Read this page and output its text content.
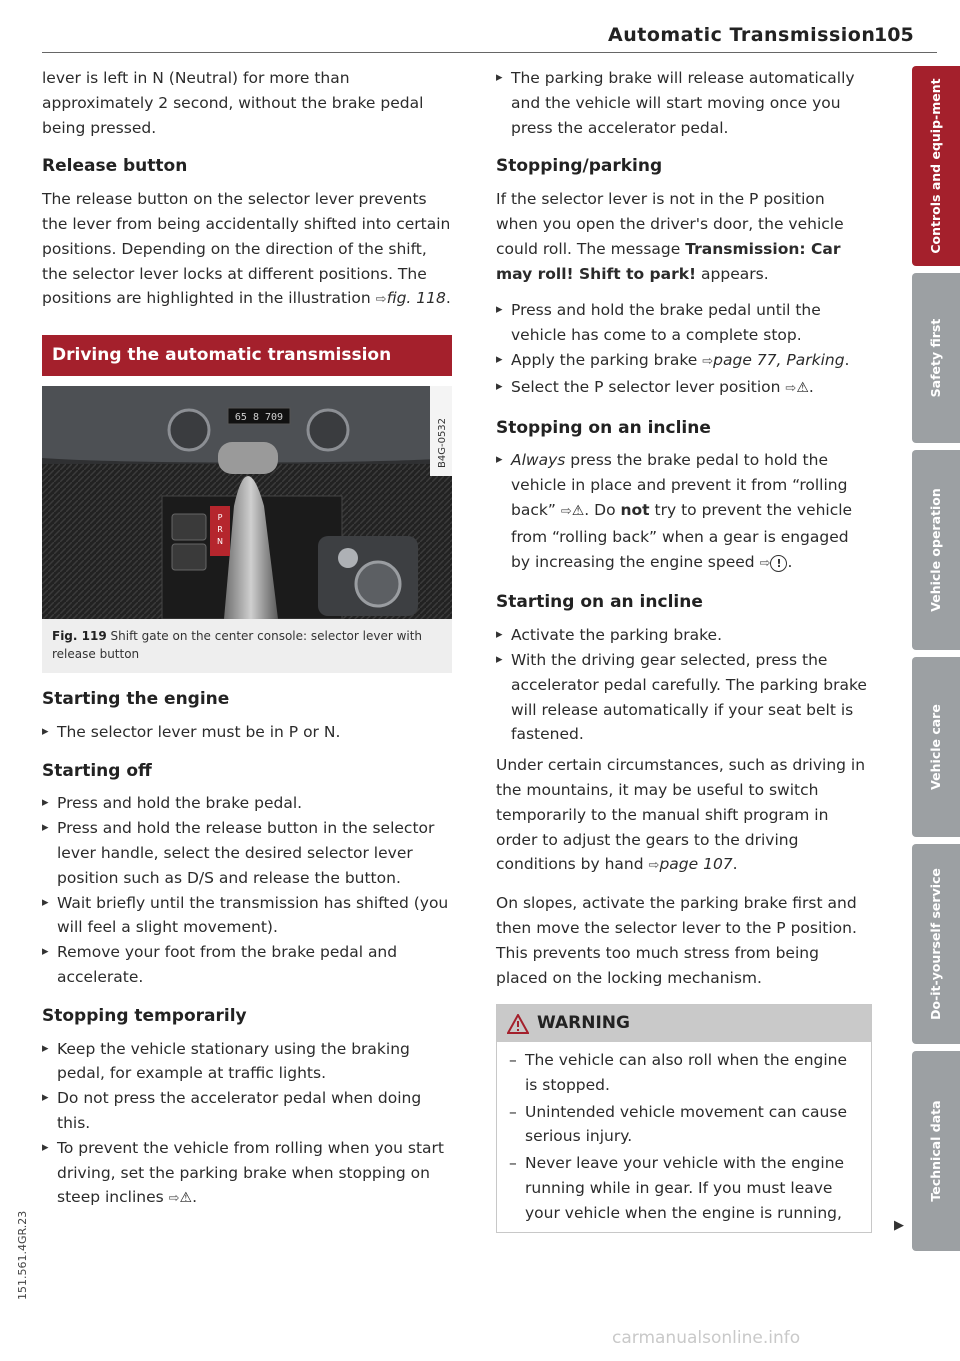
Automatic Transmission
105

lever is left in N (Neutral) for more than approximately 2 second, without the brake pedal being pressed.

Release button

The release button on the selector lever prevents the lever from being accidentally shifted into certain positions. Depending on the direction of the shift, the selector lever locks at different positions. The positions are highlighted in the illustration ⇨fig. 118.

Driving the automatic transmission
65 8 709
P
R
N
B4G-0532
Fig. 119 Shift gate on the center console: selector lever with release button
Starting the engine
▸ The selector lever must be in P or N.
Starting off
▸ Press and hold the brake pedal.
▸ Press and hold the release button in the selector lever handle, select the desired selector lever position such as D/S and release the button.
▸ Wait briefly until the transmission has shifted (you will feel a slight movement).
▸ Remove your foot from the brake pedal and accelerate.
Stopping temporarily
▸ Keep the vehicle stationary using the braking pedal, for example at traffic lights.
▸ Do not press the accelerator pedal when doing this.
▸ To prevent the vehicle from rolling when you start driving, set the parking brake when stopping on steep inclines ⇨⚠.
▸ The parking brake will release automatically and the vehicle will start moving once you press the accelerator pedal.
Stopping/parking

If the selector lever is not in the P position when you open the driver's door, the vehicle could roll. The message Transmission: Car may roll! Shift to park! appears.

▸ Press and hold the brake pedal until the vehicle has come to a complete stop.
▸ Apply the parking brake ⇨page 77, Parking.
▸ Select the P selector lever position ⇨⚠.
Stopping on an incline
▸ Always press the brake pedal to hold the vehicle in place and prevent it from “rolling back” ⇨⚠. Do not try to prevent the vehicle from “rolling back” when a gear is engaged by increasing the engine speed ⇨ ! .
Starting on an incline
▸ Activate the parking brake.
▸ With the driving gear selected, press the accelerator pedal carefully. The parking brake will release automatically if your seat belt is fastened.

Under certain circumstances, such as driving in the mountains, it may be useful to switch temporarily to the manual shift program in order to adjust the gears to the driving conditions by hand ⇨page 107.

On slopes, activate the parking brake first and then move the selector lever to the P position. This prevents too much stress from being placed on the locking mechanism.

WARNING
– The vehicle can also roll when the engine is stopped.
– Unintended vehicle movement can cause serious injury.
– Never leave your vehicle with the engine running while in gear. If you must leave your vehicle when the engine is running,
▶
Controls and equip-ment
Safety first
Vehicle operation
Vehicle care
Do-it-yourself service
Technical data
151.561.4GR.23
carmanualsonline.info
